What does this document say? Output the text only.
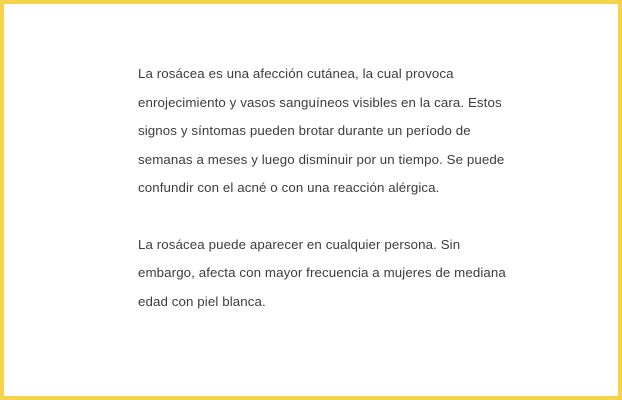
La rosácea es una afección cutánea, la cual provoca enrojecimiento y vasos sanguíneos visibles en la cara. Estos signos y síntomas pueden brotar durante un período de semanas a meses y luego disminuir por un tiempo. Se puede confundir con el acné o con una reacción alérgica.

La rosácea puede aparecer en cualquier persona. Sin embargo, afecta con mayor frecuencia a mujeres de mediana edad con piel blanca.
